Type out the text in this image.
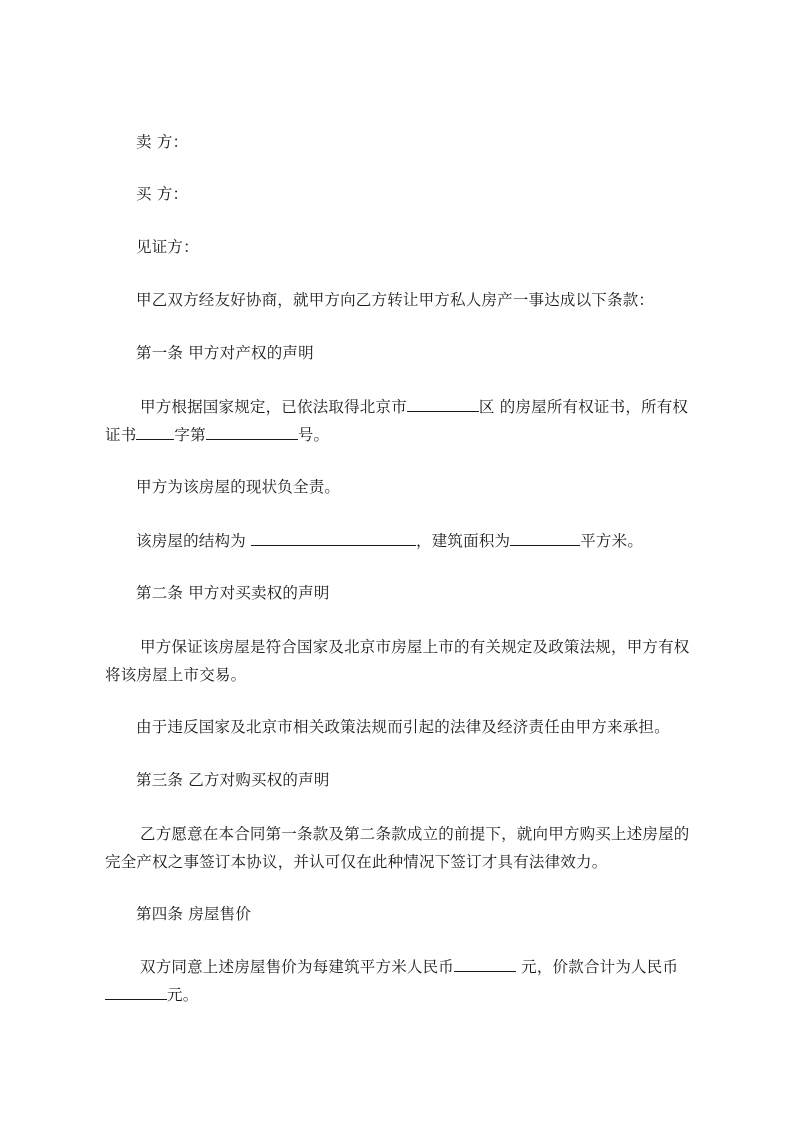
卖 方：
买 方：
见证方：
甲乙双方经友好协商，就甲方向乙方转让甲方私人房产一事达成以下条款：
第一条 甲方对产权的声明
甲方根据国家规定，已依法取得北京市	区 的房屋所有权证书，所有权
证书 字第	号。
甲方为该房屋的现状负全责。
该房屋的结构为	，建筑面积为	平方米。
第二条 甲方对买卖权的声明
甲方保证该房屋是符合国家及北京市房屋上市的有关规定及政策法规，甲方有权
将该房屋上市交易。
由于违反国家及北京市相关政策法规而引起的法律及经济责任由甲方来承担。
第三条 乙方对购买权的声明
乙方愿意在本合同第一条款及第二条款成立的前提下，就向甲方购买上述房屋的
完全产权之事签订本协议，并认可仅在此种情况下签订才具有法律效力。
第四条 房屋售价
双方同意上述房屋售价为每建筑平方米人民币	元，价款合计为人民币
元。
